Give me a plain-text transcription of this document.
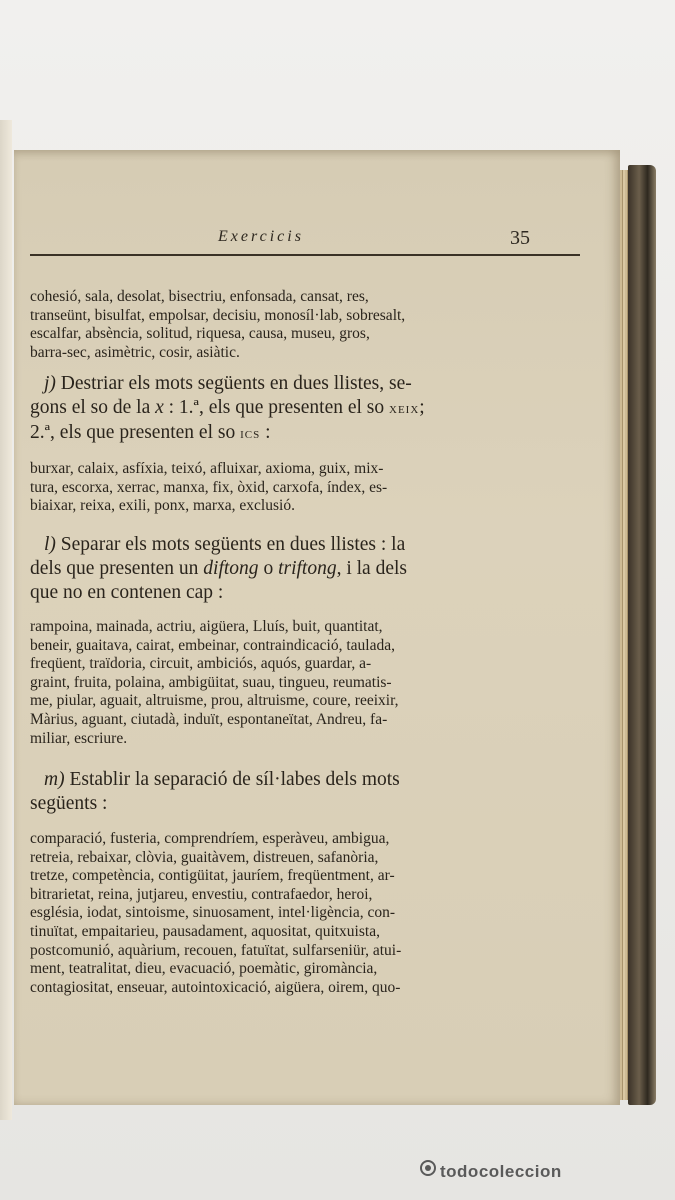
Exercicis	35
cohesió, sala, desolat, bisectriu, enfonsada, cansat, res,
transeünt, bisulfat, empolsar, decisiu, monosíl·lab, sobresalt,
escalfar, absència, solitud, riquesa, causa, museu, gros,
barra-sec, asimètric, cosir, asiàtic.
j) Destriar els mots següents en dues llistes, se-
gons el so de la x : 1.ª, els que presenten el so xeix;
2.ª, els que presenten el so ics :
burxar, calaix, asfíxia, teixó, afluixar, axioma, guix, mix-
tura, escorxa, xerrac, manxa, fix, òxid, carxofa, índex, es-
biaixar, reixa, exili, ponx, marxa, exclusió.
l) Separar els mots següents en dues llistes : la
dels que presenten un diftong o triftong, i la dels
que no en contenen cap :
rampoina, mainada, actriu, aigüera, Lluís, buit, quantitat,
beneir, guaitava, cairat, embeinar, contraindicació, taulada,
freqüent, traïdoria, circuit, ambiciós, aquós, guardar, a-
graint, fruita, polaina, ambigüitat, suau, tingueu, reumatis-
me, piular, aguait, altruisme, prou, altruisme, coure, reeixir,
Màrius, aguant, ciutadà, induït, espontaneïtat, Andreu, fa-
miliar, escriure.
m) Establir la separació de síl·labes dels mots
següents :
comparació, fusteria, comprendríem, esperàveu, ambigua,
retreia, rebaixar, clòvia, guaitàvem, distreuen, safanòria,
tretze, competència, contigüitat, jauríem, freqüentment, ar-
bitrarietat, reina, jutjareu, envestiu, contrafaedor, heroi,
església, iodat, sintoisme, sinuosament, intel·ligència, con-
tinuïtat, empaitarieu, pausadament, aquositat, quitxuista,
postcomunió, aquàrium, recouen, fatuïtat, sulfarseniür, atui-
ment, teatralitat, dieu, evacuació, poemàtic, giromància,
contagiositat, enseuar, autointoxicació, aigüera, oirem, quo-
todocoleccion
